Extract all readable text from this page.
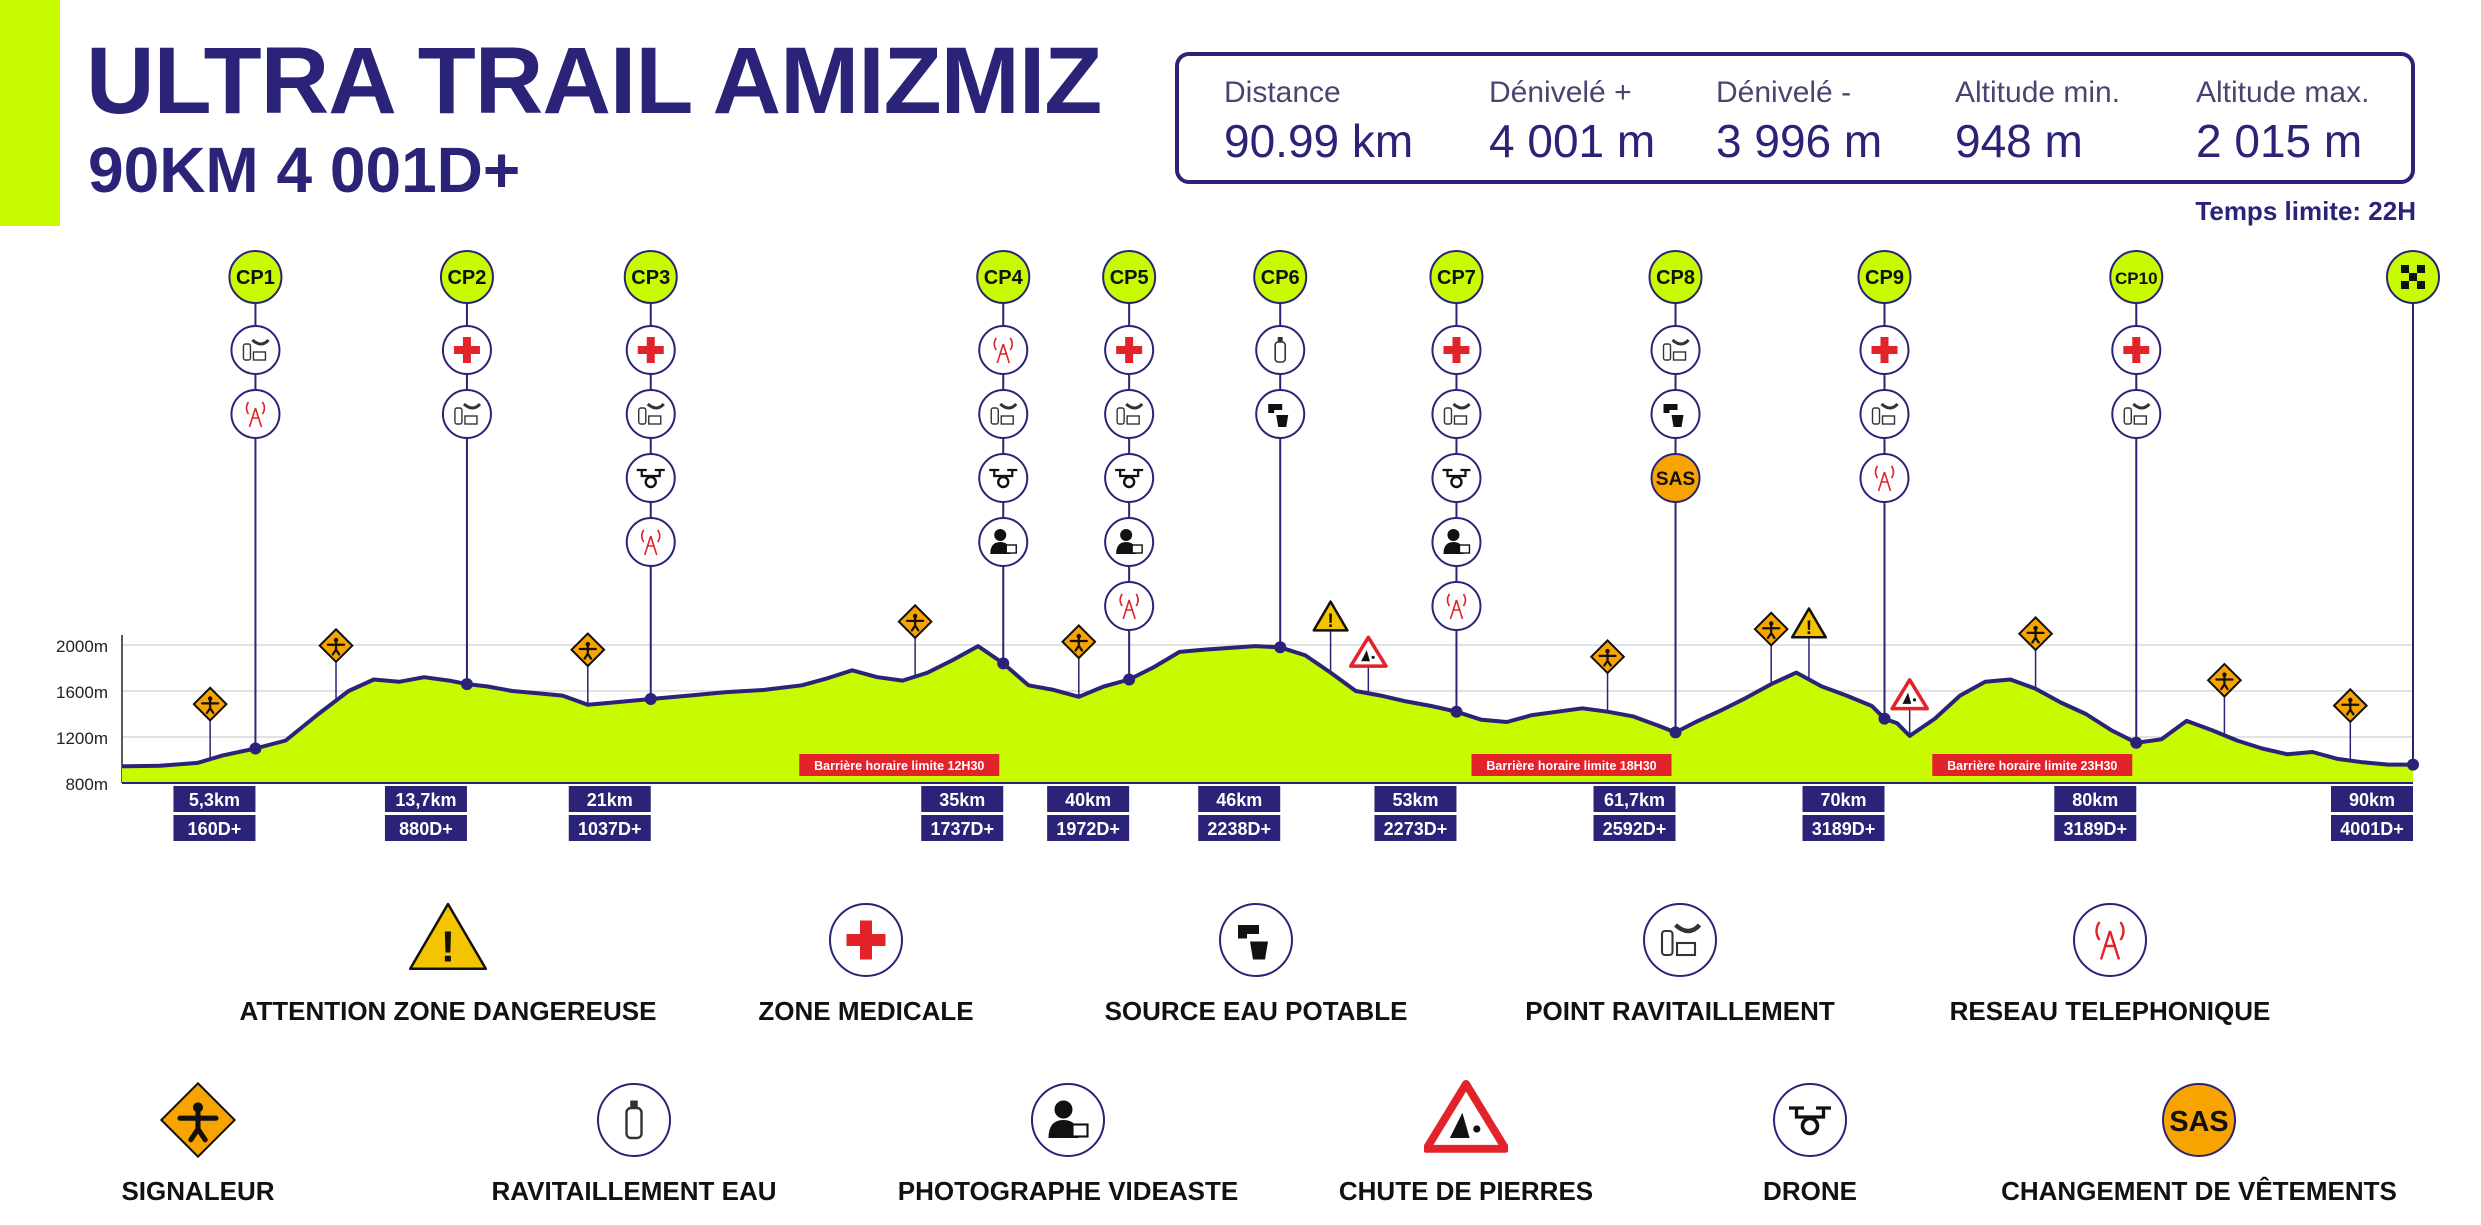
ULTRA TRAIL AMIZMIZ
90KM 4 001D+
Distance
90.99 km
Dénivelé +
4 001 m
Dénivelé -
3 996 m
Altitude min.
948 m
Altitude max.
2 015 m
Temps limite: 22H
2000m
1600m
1200m
800m
CP1	CP2	CP3	CP4	CP5	CP6	CP7	CP8
SAS
CP9	CP10
!	!
5,3km
160D+
13,7km
880D+
21km
1037D+
35km
1737D+
40km
1972D+
46km
2238D+
53km
2273D+
61,7km
2592D+
70km
3189D+
80km
3189D+
90km
4001D+
Barrière horaire limite 12H30	Barrière horaire limite 18H30	Barrière horaire limite 23H30
!
ATTENTION ZONE DANGEREUSE	ZONE MEDICALE	SOURCE EAU POTABLE	POINT RAVITAILLEMENT	RESEAU TELEPHONIQUE
SIGNALEUR	RAVITAILLEMENT EAU	PHOTOGRAPHE VIDEASTE	CHUTE DE PIERRES	DRONE
SAS
CHANGEMENT DE VÊTEMENTS
